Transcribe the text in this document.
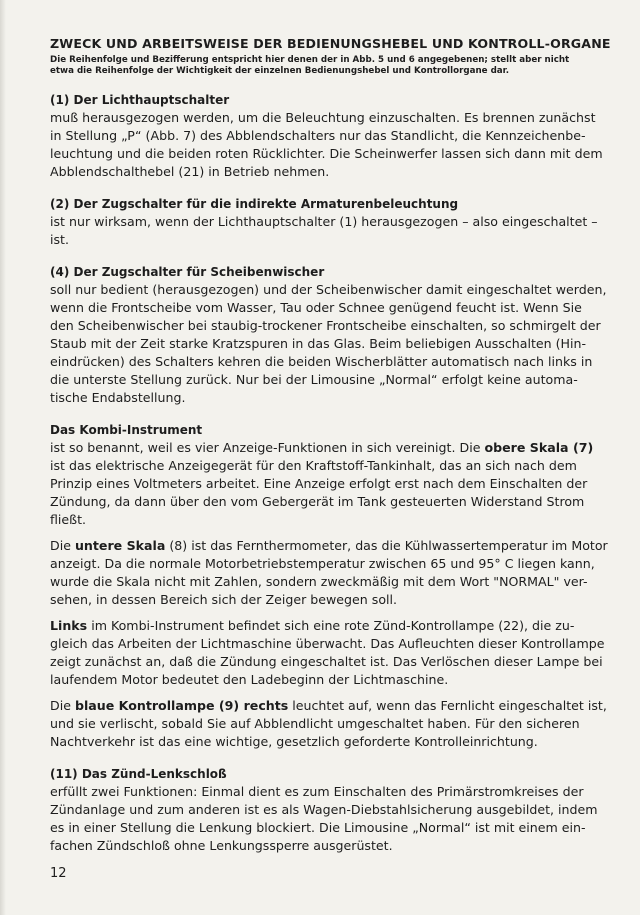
ZWECK UND ARBEITSWEISE DER BEDIENUNGSHEBEL UND KONTROLL-ORGANE
Die Reihenfolge und Bezifferung entspricht hier denen der in Abb. 5 und 6 angegebenen; stellt aber nicht
etwa die Reihenfolge der Wichtigkeit der einzelnen Bedienungshebel und Kontrollorgane dar.
(1) Der Lichthauptschalter

muß herausgezogen werden, um die Beleuchtung einzuschalten. Es brennen zunächst
in Stellung „P“ (Abb. 7) des Abblendschalters nur das Standlicht, die Kennzeichenbe-
leuchtung und die beiden roten Rücklichter. Die Scheinwerfer lassen sich dann mit dem
Abblendschalthebel (21) in Betrieb nehmen.

(2) Der Zugschalter für die indirekte Armaturenbeleuchtung

ist nur wirksam, wenn der Lichthauptschalter (1) herausgezogen – also eingeschaltet –
ist.

(4) Der Zugschalter für Scheibenwischer

soll nur bedient (herausgezogen) und der Scheibenwischer damit eingeschaltet werden,
wenn die Frontscheibe vom Wasser, Tau oder Schnee genügend feucht ist. Wenn Sie
den Scheibenwischer bei staubig-trockener Frontscheibe einschalten, so schmirgelt der
Staub mit der Zeit starke Kratzspuren in das Glas. Beim beliebigen Ausschalten (Hin-
eindrücken) des Schalters kehren die beiden Wischerblätter automatisch nach links in
die unterste Stellung zurück. Nur bei der Limousine „Normal“ erfolgt keine automa-
tische Endabstellung.

Das Kombi-Instrument

ist so benannt, weil es vier Anzeige-Funktionen in sich vereinigt. Die obere Skala (7)
ist das elektrische Anzeigegerät für den Kraftstoff-Tankinhalt, das an sich nach dem
Prinzip eines Voltmeters arbeitet. Eine Anzeige erfolgt erst nach dem Einschalten der
Zündung, da dann über den vom Gebergerät im Tank gesteuerten Widerstand Strom
fließt.

Die untere Skala (8) ist das Fernthermometer, das die Kühlwassertemperatur im Motor
anzeigt. Da die normale Motorbetriebstemperatur zwischen 65 und 95° C liegen kann,
wurde die Skala nicht mit Zahlen, sondern zweckmäßig mit dem Wort "NORMAL" ver-
sehen, in dessen Bereich sich der Zeiger bewegen soll.

Links im Kombi-Instrument befindet sich eine rote Zünd-Kontrollampe (22), die zu-
gleich das Arbeiten der Lichtmaschine überwacht. Das Aufleuchten dieser Kontrollampe
zeigt zunächst an, daß die Zündung eingeschaltet ist. Das Verlöschen dieser Lampe bei
laufendem Motor bedeutet den Ladebeginn der Lichtmaschine.

Die blaue Kontrollampe (9) rechts leuchtet auf, wenn das Fernlicht eingeschaltet ist,
und sie verlischt, sobald Sie auf Abblendlicht umgeschaltet haben. Für den sicheren
Nachtverkehr ist das eine wichtige, gesetzlich geforderte Kontrolleinrichtung.

(11) Das Zünd-Lenkschloß

erfüllt zwei Funktionen: Einmal dient es zum Einschalten des Primärstromkreises der
Zündanlage und zum anderen ist es als Wagen-Diebstahlsicherung ausgebildet, indem
es in einer Stellung die Lenkung blockiert. Die Limousine „Normal“ ist mit einem ein-
fachen Zündschloß ohne Lenkungssperre ausgerüstet.

12
